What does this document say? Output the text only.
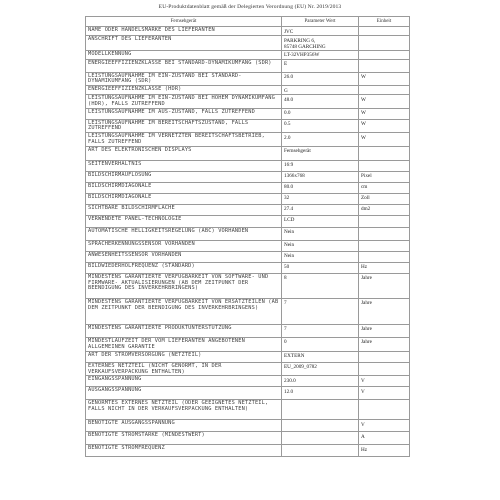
EU-Produktdatenblatt gemäß der Delegierten Verordnung (EU) Nr. 2019/2013
Fernsehgerät	Parameter Wert	Einheit
NAME ODER HANDELSMARKE DES LIEFERANTEN	JVC	
ANSCHRIFT DES LIEFERANTEN	PARKRING 6,
85748 GARCHING	
MODELLKENNUNG	LT-32VHP356W	
ENERGIEEFFIZIENZKLASSE BEI STANDARD-DYNAMIKUMFANG (SDR)	E	
LEISTUNGSAUFNAHME IM EIN-ZUSTAND BEI STANDARD-DYNAMIKUMFANG (SDR)	26.0	W
ENERGIEEFFIZIENZKLASSE (HDR)	G	
LEISTUNGSAUFNAHME IM EIN-ZUSTAND BEI HOHEM DYNAMIKUMFANG (HDR), FALLS ZUTREFFEND	48.0	W
LEISTUNGSAUFNAHME IM AUS-ZUSTAND, FALLS ZUTREFFEND	0.0	W
LEISTUNGSAUFNAHME IM BEREITSCHAFTSZUSTAND, FALLS ZUTREFFEND	0.5	W
LEISTUNGSAUFNAHME IM VERNETZTEN BEREITSCHAFTSBETRIEB, FALLS ZUTREFFEND	2.0	W
ART DES ELEKTRONISCHEN DISPLAYS	Fernsehgerät	
SEITENVERHÄLTNIS	16:9	
BILDSCHIRMAUFLÖSUNG	1366x768	Pixel
BILDSCHIRMDIAGONALE	80.0	cm
BILDSCHIRMDIAGONALE	32	Zoll
SICHTBARE BILDSCHIRMFLÄCHE	27.4	dm2
VERWENDETE PANEL-TECHNOLOGIE	LCD	
AUTOMATISCHE HELLIGKEITSREGELUNG (ABC) VORHANDEN	Nein	
SPRACHERKENNUNGSSENSOR VORHANDEN	Nein	
ANWESENHEITSSENSOR VORHANDEN	Nein	
BILDWIEDERHOLFREQUENZ (STANDARD)	50	Hz
MINDESTENS GARANTIERTE VERFÜGBARKEIT VON SOFTWARE- UND FIRMWARE- AKTUALISIERUNGEN (AB DEM ZEITPUNKT DER BEENDIGUNG DES INVERKEHRBRINGENS)	8	Jahre
MINDESTENS GARANTIERTE VERFÜGBARKEIT VON ERSATZTEILEN (AB DEM ZEITPUNKT DER BEENDIGUNG DES INVERKEHRBRINGENS)	7	Jahre
MINDESTENS GARANTIERTE PRODUKTUNTERSTÜTZUNG	7	Jahre
MINDESTLAUFZEIT DER VOM LIEFERANTEN ANGEBOTENEN ALLGEMEINEN GARANTIE	0	Jahre
ART DER STROMVERSORGUNG (NETZTEIL)	EXTERN	
EXTERNES NETZTEIL (NICHT GENORMT, IN DER VERKAUFSVERPACKUNG ENTHALTEN)	EU_2009_0782	
EINGANGSSPANNUNG	230.0	V
AUSGANGSSPANNUNG	12.0	V
GENORMTES EXTERNES NETZTEIL (ODER GEEIGNETES NETZTEIL, FALLS NICHT IN DER VERKAUFSVERPACKUNG ENTHALTEN)		
BENÖTIGTE AUSGANGSSPANNUNG		V
BENÖTIGTE STROMSTÄRKE (MINDESTWERT)		A
BENÖTIGTE STROMFREQUENZ		Hz
